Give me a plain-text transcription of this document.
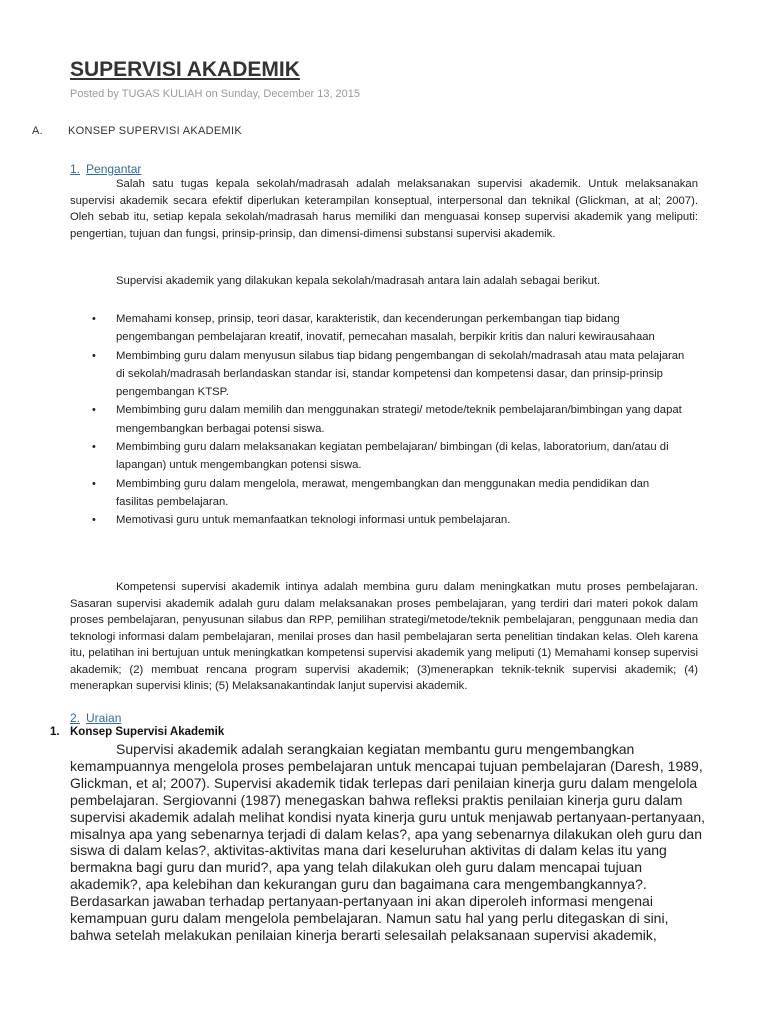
SUPERVISI AKADEMIK
Posted by TUGAS KULIAH on Sunday, December 13, 2015
A. KONSEP SUPERVISI AKADEMIK
1. Pengantar

Salah satu tugas kepala sekolah/madrasah adalah melaksanakan supervisi akademik. Untuk melaksanakan supervisi akademik secara efektif diperlukan keterampilan konseptual, interpersonal dan teknikal (Glickman, at al; 2007). Oleh sebab itu, setiap kepala sekolah/madrasah harus memiliki dan menguasai konsep supervisi akademik yang meliputi: pengertian, tujuan dan fungsi, prinsip-prinsip, dan dimensi-dimensi substansi supervisi akademik.

Supervisi akademik yang dilakukan kepala sekolah/madrasah antara lain adalah sebagai berikut.

• Memahami konsep, prinsip, teori dasar, karakteristik, dan kecenderungan perkembangan tiap bidang pengembangan pembelajaran kreatif, inovatif, pemecahan masalah, berpikir kritis dan naluri kewirausahaan
• Membimbing guru dalam menyusun silabus tiap bidang pengembangan di sekolah/madrasah atau mata pelajaran di sekolah/madrasah berlandaskan standar isi, standar kompetensi dan kompetensi dasar, dan prinsip-prinsip pengembangan KTSP.
• Membimbing guru dalam memilih dan menggunakan strategi/ metode/teknik pembelajaran/bimbingan yang dapat mengembangkan berbagai potensi siswa.
• Membimbing guru dalam melaksanakan kegiatan pembelajaran/ bimbingan (di kelas, laboratorium, dan/atau di lapangan) untuk mengembangkan potensi siswa.
• Membimbing guru dalam mengelola, merawat, mengembangkan dan menggunakan media pendidikan dan fasilitas pembelajaran.
• Memotivasi guru untuk memanfaatkan teknologi informasi untuk pembelajaran.

Kompetensi supervisi akademik intinya adalah membina guru dalam meningkatkan mutu proses pembelajaran. Sasaran supervisi akademik adalah guru dalam melaksanakan proses pembelajaran, yang terdiri dari materi pokok dalam proses pembelajaran, penyusunan silabus dan RPP, pemilihan strategi/metode/teknik pembelajaran, penggunaan media dan teknologi informasi dalam pembelajaran, menilai proses dan hasil pembelajaran serta penelitian tindakan kelas. Oleh karena itu, pelatihan ini bertujuan untuk meningkatkan kompetensi supervisi akademik yang meliputi (1) Memahami konsep supervisi akademik; (2) membuat rencana program supervisi akademik; (3)menerapkan teknik-teknik supervisi akademik; (4) menerapkan supervisi klinis; (5) Melaksanakantindak lanjut supervisi akademik.

2. Uraian
1. Konsep Supervisi Akademik

Supervisi akademik adalah serangkaian kegiatan membantu guru mengembangkan kemampuannya mengelola proses pembelajaran untuk mencapai tujuan pembelajaran (Daresh, 1989, Glickman, et al; 2007). Supervisi akademik tidak terlepas dari penilaian kinerja guru dalam mengelola pembelajaran. Sergiovanni (1987) menegaskan bahwa refleksi praktis penilaian kinerja guru dalam supervisi akademik adalah melihat kondisi nyata kinerja guru untuk menjawab pertanyaan-pertanyaan, misalnya apa yang sebenarnya terjadi di dalam kelas?, apa yang sebenarnya dilakukan oleh guru dan siswa di dalam kelas?, aktivitas-aktivitas mana dari keseluruhan aktivitas di dalam kelas itu yang bermakna bagi guru dan murid?, apa yang telah dilakukan oleh guru dalam mencapai tujuan akademik?, apa kelebihan dan kekurangan guru dan bagaimana cara mengembangkannya?. Berdasarkan jawaban terhadap pertanyaan-pertanyaan ini akan diperoleh informasi mengenai kemampuan guru dalam mengelola pembelajaran. Namun satu hal yang perlu ditegaskan di sini, bahwa setelah melakukan penilaian kinerja berarti selesailah pelaksanaan supervisi akademik,
